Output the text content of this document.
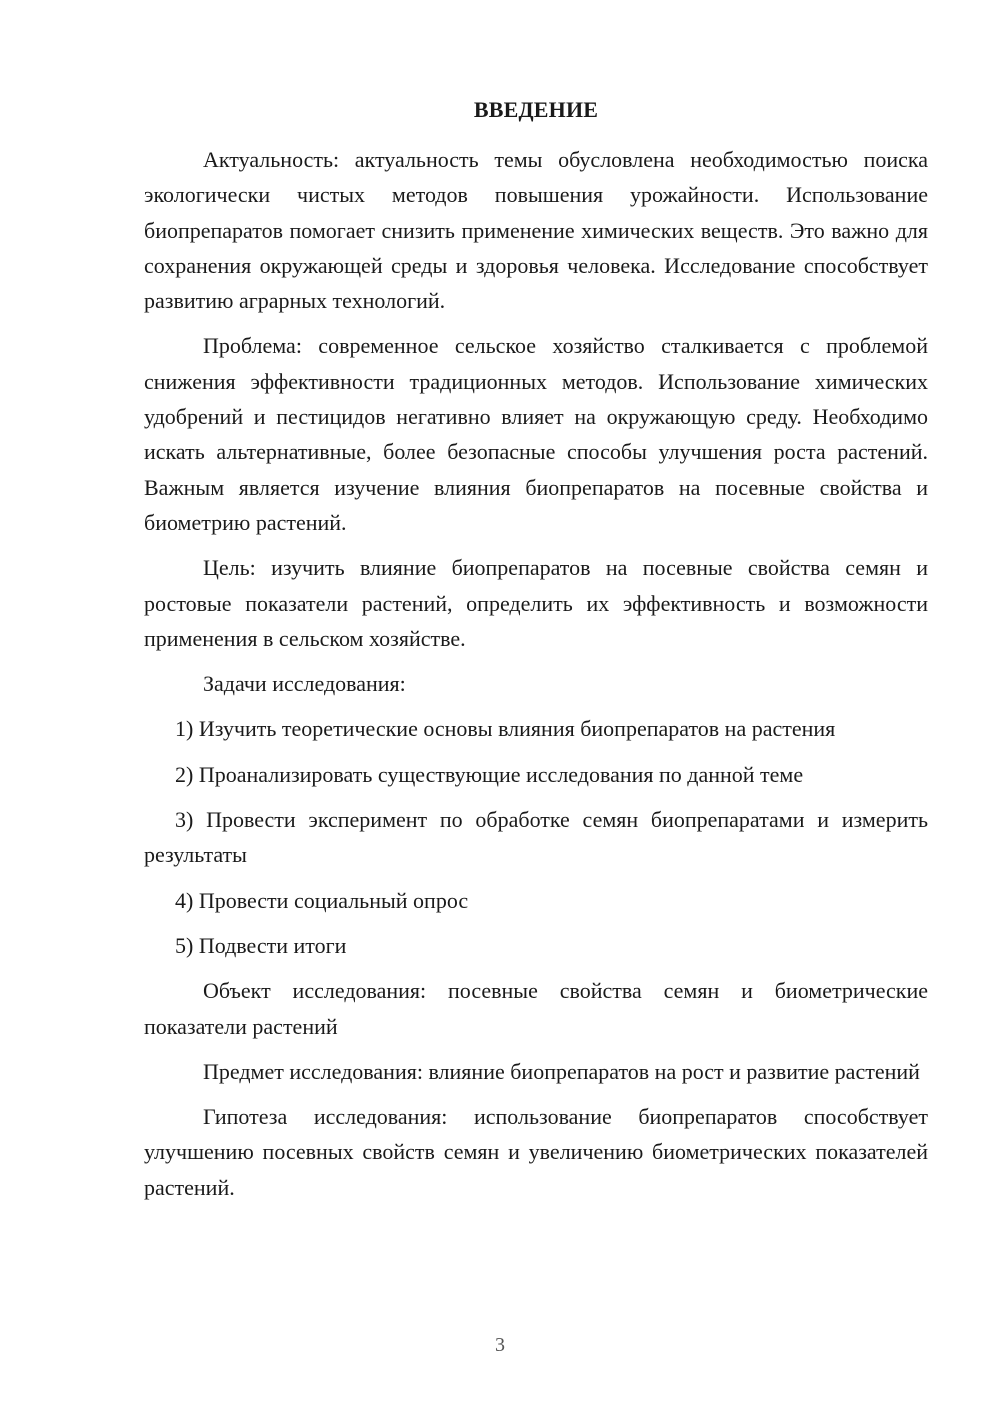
ВВЕДЕНИЕ

Актуальность: актуальность темы обусловлена необходимостью поиска экологически чистых методов повышения урожайности. Использование биопрепаратов помогает снизить применение химических веществ. Это важно для сохранения окружающей среды и здоровья человека. Исследование способствует развитию аграрных технологий.

Проблема: современное сельское хозяйство сталкивается с проблемой снижения эффективности традиционных методов. Использование химических удобрений и пестицидов негативно влияет на окружающую среду. Необходимо искать альтернативные, более безопасные способы улучшения роста растений. Важным является изучение влияния биопрепаратов на посевные свойства и биометрию растений.

Цель: изучить влияние биопрепаратов на посевные свойства семян и ростовые показатели растений, определить их эффективность и возможности применения в сельском хозяйстве.

Задачи исследования:

1) Изучить теоретические основы влияния биопрепаратов на растения

2) Проанализировать существующие исследования по данной теме

3) Провести эксперимент по обработке семян биопрепаратами и измерить результаты

4) Провести социальный опрос

5) Подвести итоги

Объект исследования: посевные свойства семян и биометрические показатели растений

Предмет исследования: влияние биопрепаратов на рост и развитие растений

Гипотеза исследования: использование биопрепаратов способствует улучшению посевных свойств семян и увеличению биометрических показателей растений.

3
